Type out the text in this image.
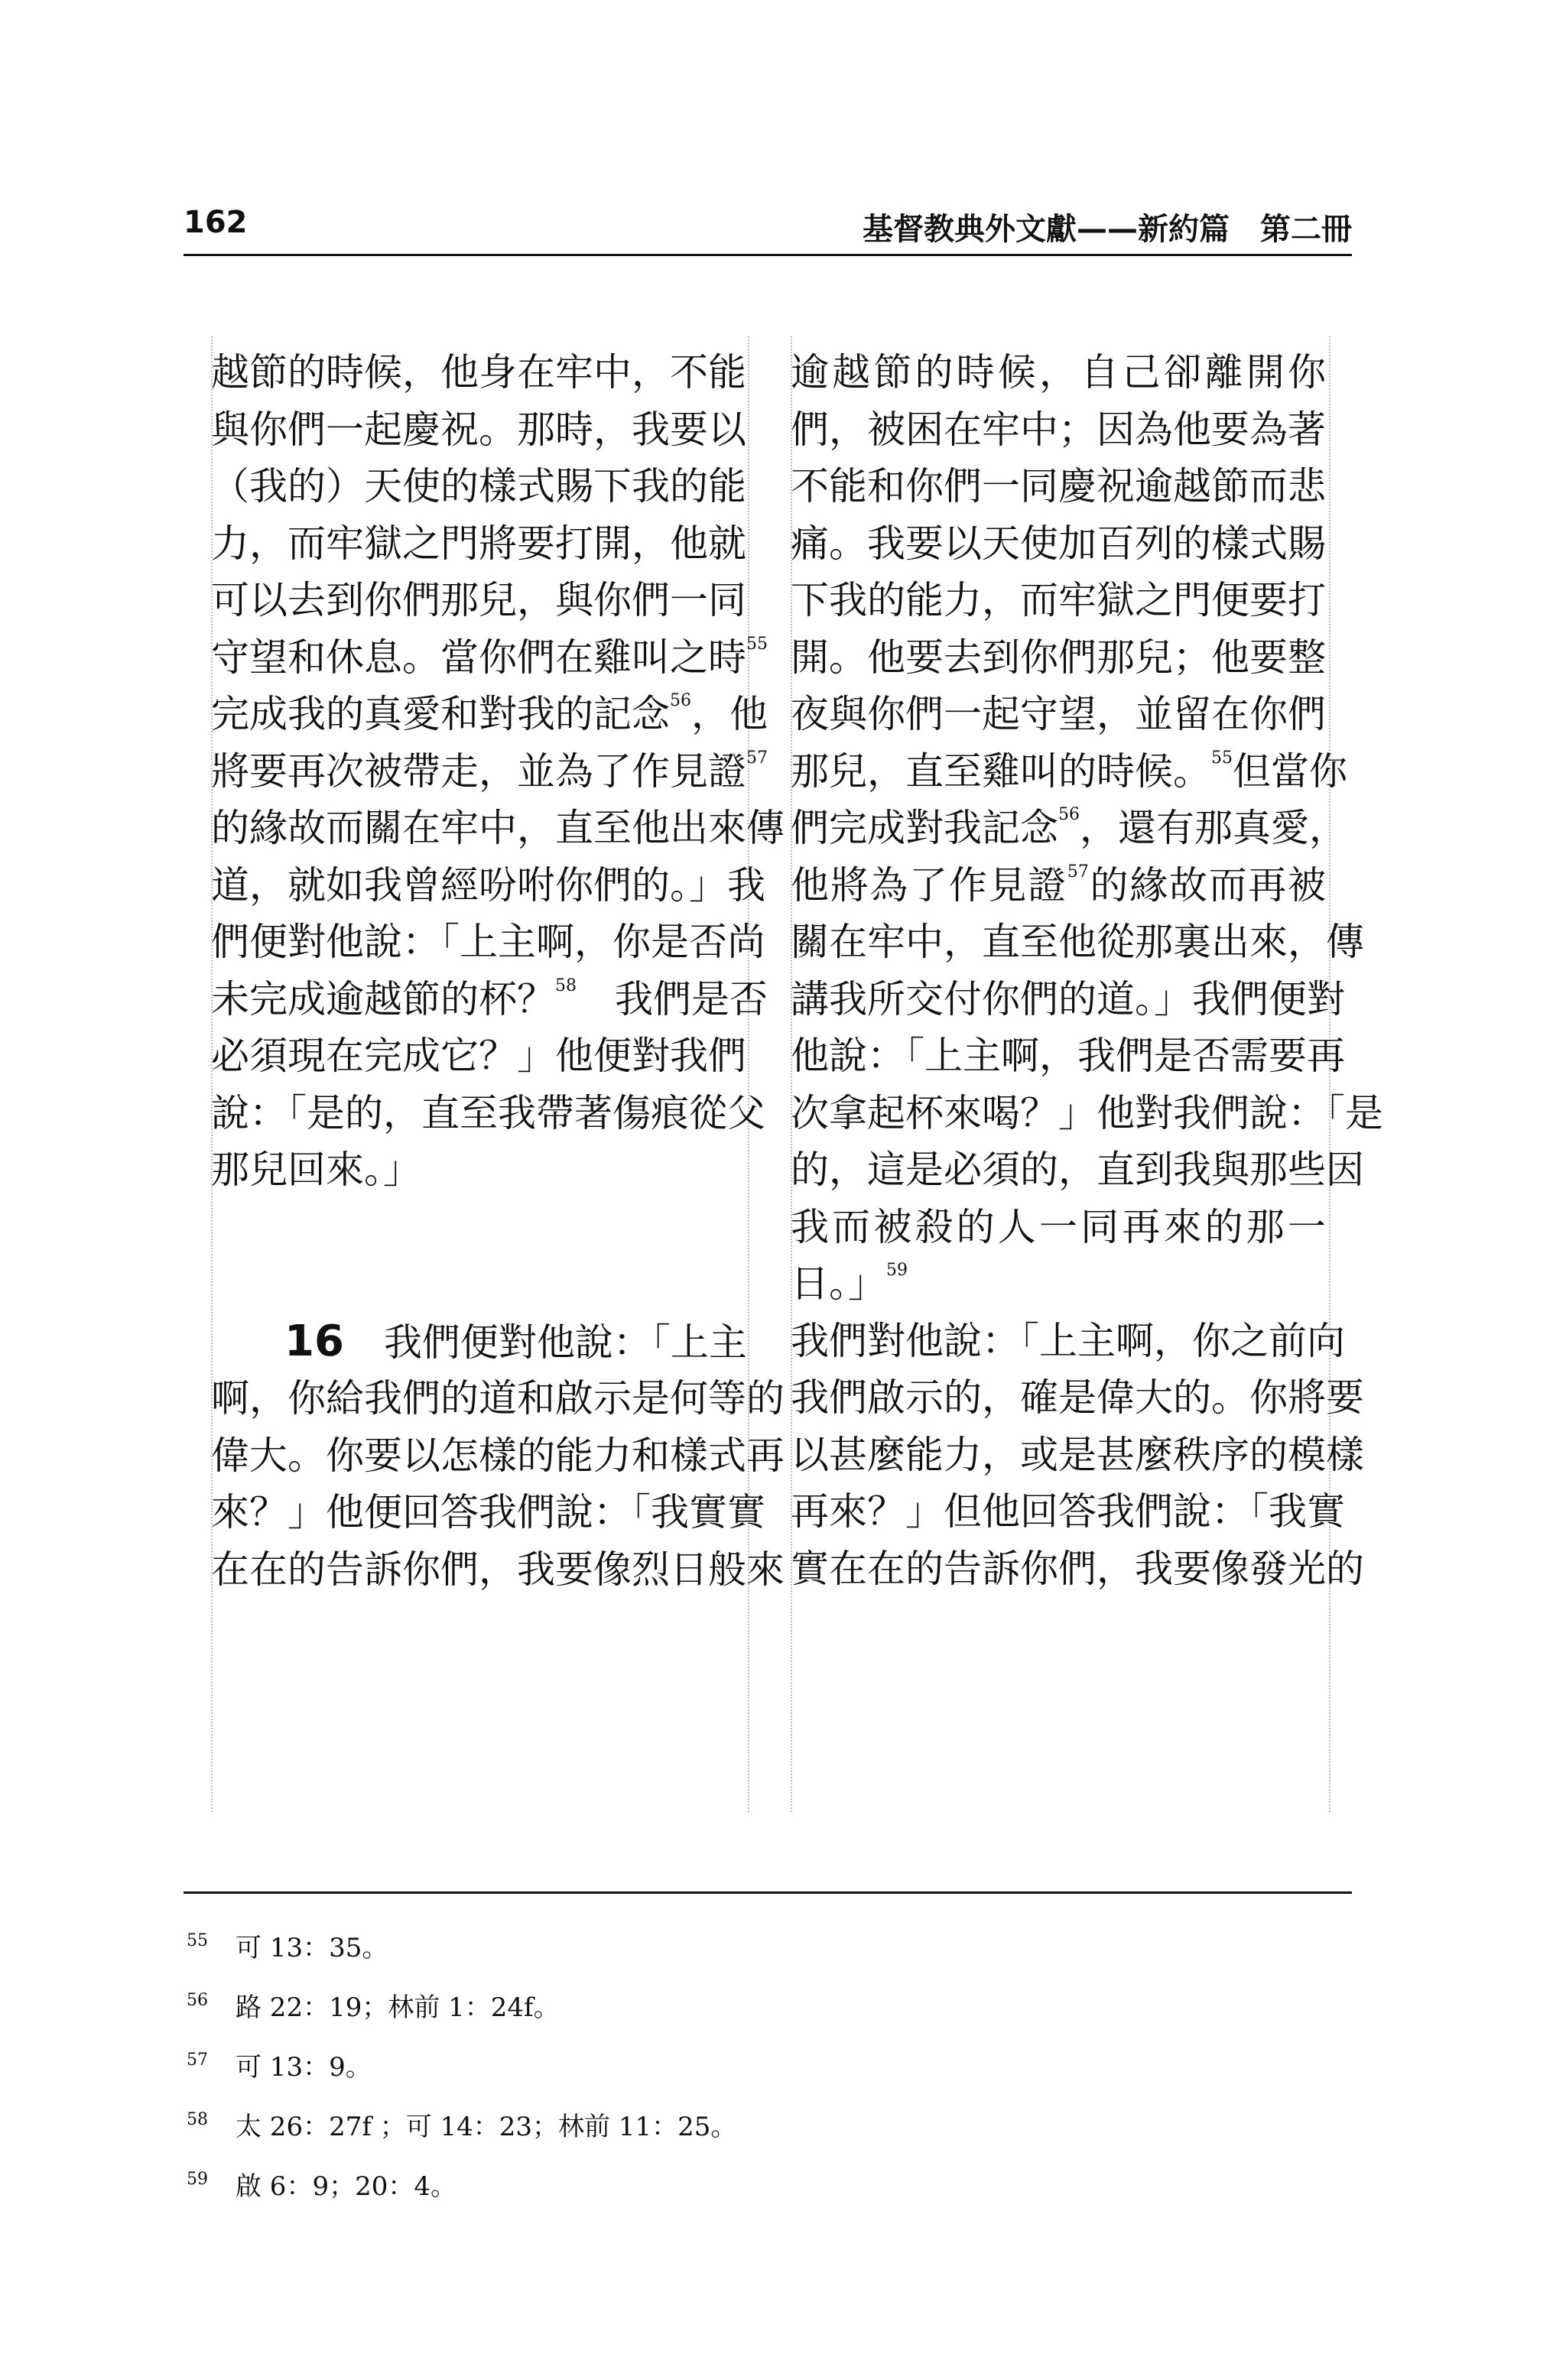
162	基督教典外文獻——新約篇　第二冊
越節的時候，他身在牢中，不能
與你們一起慶祝。那時，我要以
（我的）天使的樣式賜下我的能
力，而牢獄之門將要打開，他就
可以去到你們那兒，與你們一同
守望和休息。當你們在雞叫之時$^{55}$
完成我的真愛和對我的記念$^{56}$，他
將要再次被帶走，並為了作見證$^{57}$
的緣故而關在牢中，直至他出來傳
道，就如我曾經吩咐你們的。」我
們便對他說：「上主啊，你是否尚
未完成逾越節的杯？$^{58}$　我們是否
必須現在完成它？」他便對我們
說：「是的，直至我帶著傷痕從父
那兒回來。」
16 我們便對他說：「上主
啊，你給我們的道和啟示是何等的
偉大。你要以怎樣的能力和樣式再
來？」他便回答我們說：「我實實
在在的告訴你們，我要像烈日般來
逾越節的時候，自己卻離開你
們，被困在牢中；因為他要為著
不能和你們一同慶祝逾越節而悲
痛。我要以天使加百列的樣式賜
下我的能力，而牢獄之門便要打
開。他要去到你們那兒；他要整
夜與你們一起守望，並留在你們
那兒，直至雞叫的時候。$^{55}$但當你
們完成對我記念$^{56}$，還有那真愛，
他將為了作見證$^{57}$的緣故而再被
關在牢中，直至他從那裏出來，傳
講我所交付你們的道。」我們便對
他說：「上主啊，我們是否需要再
次拿起杯來喝？」他對我們說：「是
的，這是必須的，直到我與那些因
我而被殺的人一同再來的那一
日。」$^{59}$
我們對他說：「上主啊，你之前向
我們啟示的，確是偉大的。你將要
以甚麼能力，或是甚麼秩序的模樣
再來？」但他回答我們說：「我實
實在在的告訴你們，我要像發光的
55 可 13：35。
56 路 22：19；林前 1：24f。
57 可 13：9。
58 太 26：27f ；可 14：23；林前 11：25。
59 啟 6：9；20：4。
